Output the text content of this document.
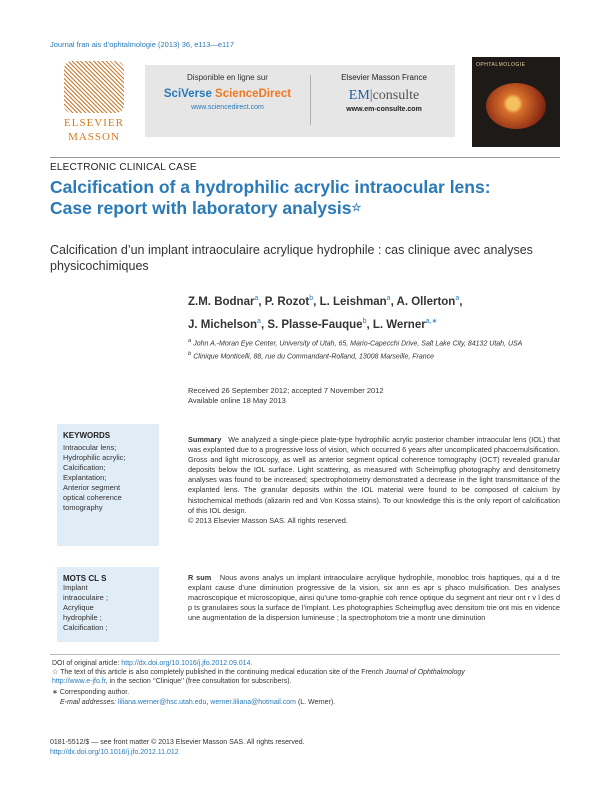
Journal fran ais d’ophtalmologie (2013) 36, e113—e117
ELSEVIER
MASSON
Disponible en ligne sur
SciVerse ScienceDirect
www.sciencedirect.com
Elsevier Masson France
EM|consulte
www.em-consulte.com
OPHTALMOLOGIE
ELECTRONIC CLINICAL CASE
Calcification of a hydrophilic acrylic intraocular lens:
Case report with laboratory analysis☆
Calcification d’un implant intraoculaire acrylique hydrophile : cas clinique avec analyses physicochimiques
Z.M. Bodnar$^a$, P. Rozot$^b$, L. Leishman$^a$, A. Ollerton$^a$,
J. Michelson$^a$, S. Plasse-Fauque$^b$, L. Werner$^{a,∗}$
$^a$ John A.-Moran Eye Center, University of Utah, 65, Mario-Capecchi Drive, Salt Lake City, 84132 Utah, USA
$^b$ Clinique Monticelli, 88, rue du Commandant-Rolland, 13008 Marseille, France
Received 26 September 2012; accepted 7 November 2012
Available online 18 May 2013
KEYWORDS
Intraocular lens;
Hydrophilic acrylic;
Calcification;
Explantation;
Anterior segment
optical coherence
tomography
Summary We analyzed a single-piece plate-type hydrophilic acrylic posterior chamber intraocular lens (IOL) that was explanted due to a progressive loss of vision, which occurred 6 years after uncomplicated phacoemulsification. Gross and light microscopy, as well as anterior segment optical coherence tomography (OCT) revealed granular deposits below the IOL surface. Light scattering, as measured with Scheimpflug photography and densitometry analyses was found to be increased; spectrophotometry demonstrated a decrease in the light transmittance of the explanted lens. The granular deposits within the IOL material were found to be composed of calcium by histochemical methods (alizarin red and Von Kossa stains). To our knowledge this is the only report of calcification of this IOL design.
© 2013 Elsevier Masson SAS. All rights reserved.
MOTS CL S
Implant
intraoculaire ;
Acrylique
hydrophile ;
Calcification ;
R sum Nous avons analys un implant intraoculaire acrylique hydrophile, monobloc trois haptiques, qui a d tre explant cause d’une diminution progressive de la vision, six ann es apr s phaco mulsification. Des analyses macroscopique et microscopique, ainsi qu’une tomo-graphie coh rence optique du segment ant rieur ont r v l des d p ts granulaires sous la surface de l’implant. Les photographies Scheimpflug avec densitom trie ont mis en vidence une augmentation de la dispersion lumineuse ; la spectrophotom trie a montr une diminution
DOI of original article: http://dx.doi.org/10.1016/j.jfo.2012.09.014.
☆ The text of this article is also completely published in the continuing medical education site of the French Journal of Ophthalmology
http://www.e-jfo.fr, in the section ‘‘Clinique’’ (free consultation for subscribers).
∗ Corresponding author.
E-mail addresses: liliana.werner@hsc.utah.edu, werner.liliana@hotmail.com (L. Werner).
0181-5512/$ — see front matter © 2013 Elsevier Masson SAS. All rights reserved.
http://dx.doi.org/10.1016/j.jfo.2012.11.012
